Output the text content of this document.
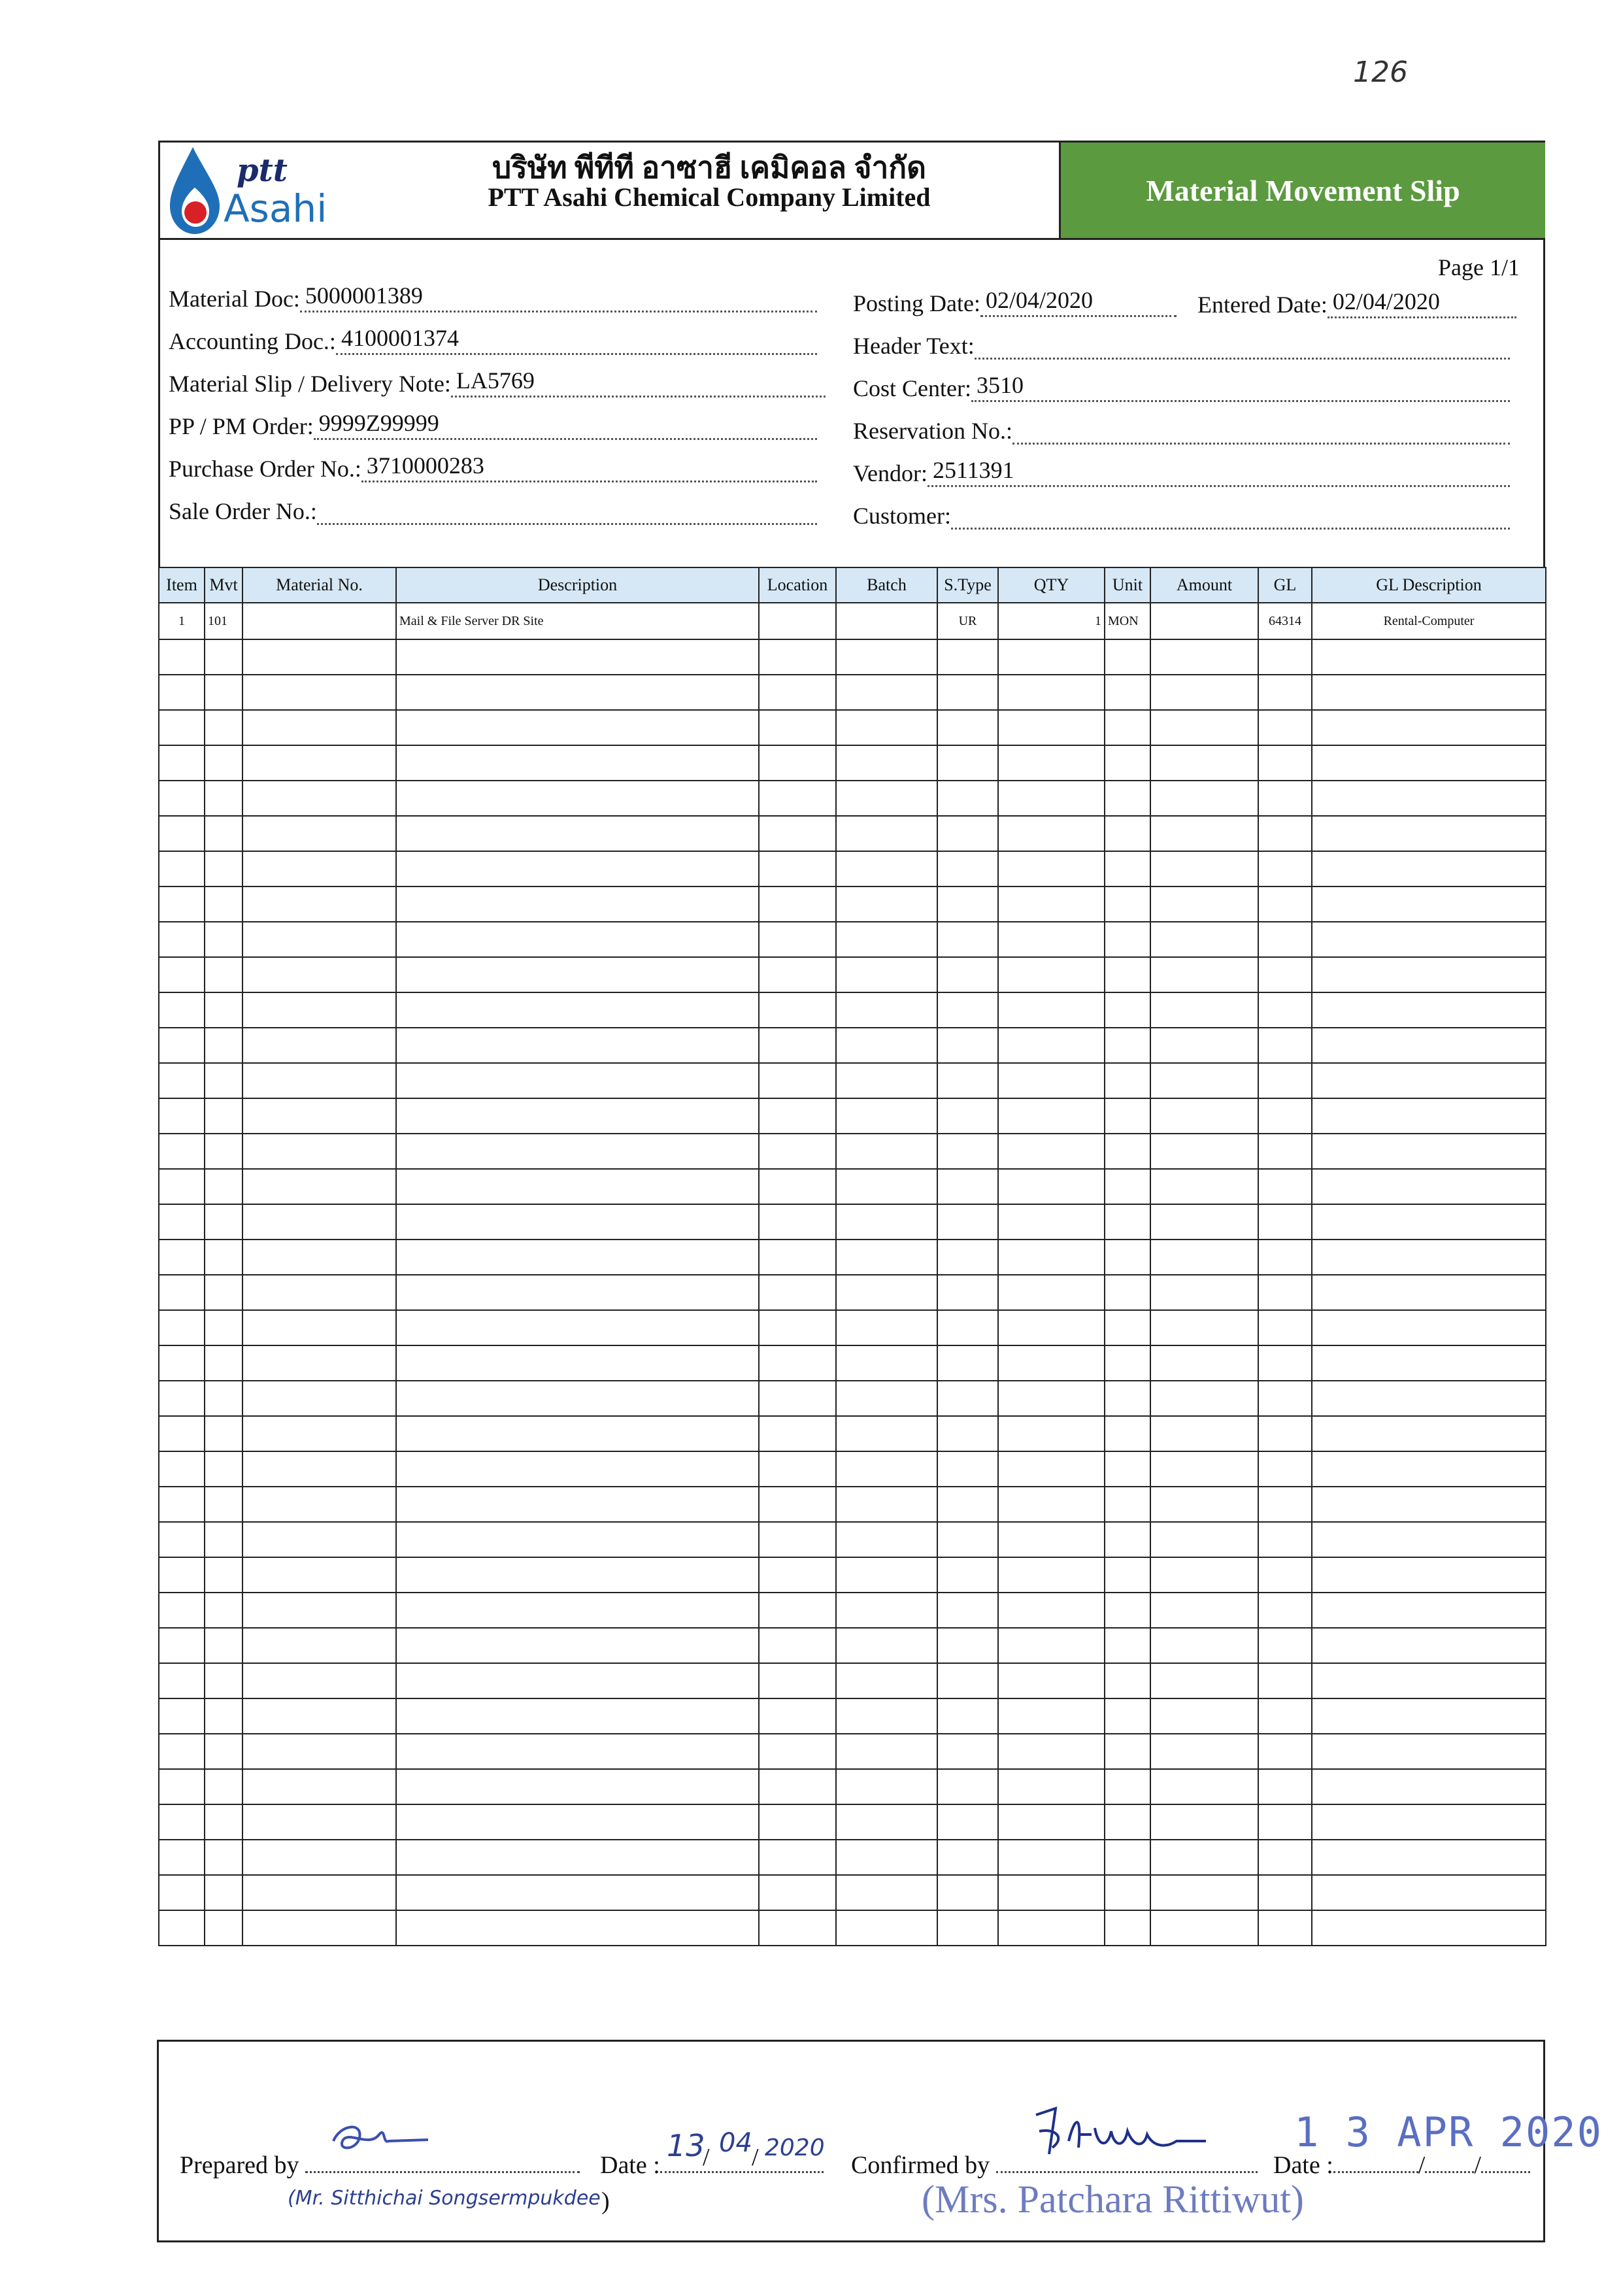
126
ptt
Asahi
บริษัท พีทีที อาซาฮี เคมิคอล จำกัด
PTT Asahi Chemical Company Limited	Material Movement Slip
Page 1/1
Material Doc: 5000001389
Accounting Doc.: 4100001374
Material Slip / Delivery Note: LA5769
PP / PM Order: 9999Z99999
Purchase Order No.: 3710000283
Sale Order No.:
Posting Date: 02/04/2020	Entered Date: 02/04/2020
Header Text:
Cost Center: 3510
Reservation No.:
Vendor: 2511391
Customer:
Item	Mvt	Material No.	Description	Location	Batch	S.Type	QTY	Unit	Amount	GL	GL Description
1	101		Mail & File Server DR Site			UR	1	MON		64314	Rental-Computer

Prepared by
(Mr. Sitthichai Songsermpukdee )
Date :
13
/ 04 / 2020
Confirmed by	Date :	/ /
1 3 APR 2020
(Mrs. Patchara Rittiwut)
